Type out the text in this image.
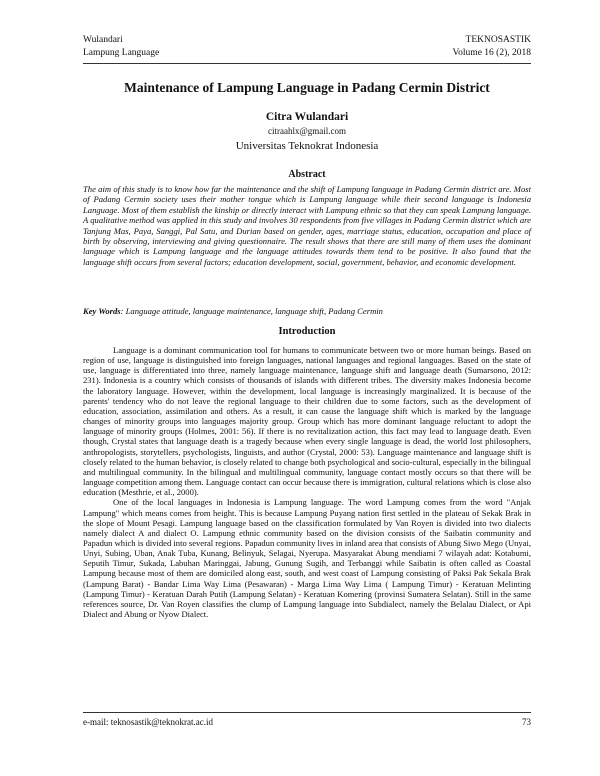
Wulandari
Lampung Language
TEKNOSASTIK
Volume 16 (2), 2018
Maintenance of Lampung Language in Padang Cermin District
Citra Wulandari
citraahlx@gmail.com
Universitas Teknokrat Indonesia
Abstract
The aim of this study is to know how far the maintenance and the shift of Lampung language in Padang Cermin district are. Most of Padang Cermin society uses their mother tongue which is Lampung language while their second language is Indonesia Language. Most of them establish the kinship or directly interact with Lampung ethnic so that they can speak Lampung language. A qualitative method was applied in this study and involves 30 respondents from five villages in Padang Cermin district which are Tanjung Mas, Paya, Sanggi, Pal Satu, and Durian based on gender, ages, marriage status, education, occupation and place of birth by observing, interviewing and giving questionnaire. The result shows that there are still many of them uses the dominant language which is Lampung language and the language attitudes towards them tend to be positive. It also found that the language shift occurs from several factors; education development, social, government, behavior, and economic development.
Key Words: Language attitude, language maintenance, language shift, Padang Cermin
Introduction

Language is a dominant communication tool for humans to communicate between two or more human beings. Based on region of use, language is distinguished into foreign languages, national languages and regional languages. Based on the state of use, language is differentiated into three, namely language maintenance, language shift and language death (Sumarsono, 2012: 231). Indonesia is a country which consists of thousands of islands with different tribes. The diversity makes Indonesia become the laboratory language. However, within the development, local language is increasingly marginalized. It is because of the parents' tendency who do not leave the regional language to their children due to some factors, such as the development of education, association, assimilation and others. As a result, it can cause the language shift which is marked by the language changes of minority groups into languages majority group. Group which has more dominant language reluctant to adopt the language of minority groups (Holmes, 2001: 56). If there is no revitalization action, this fact may lead to language death. Even though, Crystal states that language death is a tragedy because when every single language is dead, the world lost philosophers, anthropologists, storytellers, psychologists, linguists, and author (Crystal, 2000: 53). Language maintenance and language shift is closely related to the human behavior, is closely related to change both psychological and socio-cultural, especially in the bilingual and multilingual community. In the bilingual and multilingual community, language contact mostly occurs so that there will be language competition among them. Language contact can occur because there is immigration, cultural relations which is close also education (Mesthrie, et al., 2000).

One of the local languages in Indonesia is Lampung language. The word Lampung comes from the word "Anjak Lampung" which means comes from height. This is because Lampung Puyang nation first settled in the plateau of Sekak Brak in the slope of Mount Pesagi. Lampung language based on the classification formulated by Van Royen is divided into two dialects namely dialect A and dialect O. Lampung ethnic community based on the division consists of the Saibatin community and Papadun which is divided into several regions. Papadun community lives in inland area that consists of Abung Siwo Mego (Unyai, Unyi, Subing, Uban, Anak Tuba, Kunang, Belinyuk, Selagai, Nyerupa. Masyarakat Abung mendiami 7 wilayah adat: Kotabumi, Seputih Timur, Sukada, Labuhan Maringgai, Jabung, Gunung Sugih, and Terbanggi while Saibatin is often called as Coastal Lampung because most of them are domiciled along east, south, and west coast of Lampung consisting of Paksi Pak Sekala Brak (Lampung Barat) - Bandar Lima Way Lima (Pesawaran) - Marga Lima Way Lima ( Lampung Timur) - Keratuan Melinting (Lampung Timur) - Keratuan Darah Putih (Lampung Selatan) - Keratuan Komering (provinsi Sumatera Selatan). Still in the same references source, Dr. Van Royen classifies the clump of Lampung language into Subdialect, namely the Belalau Dialect, or Api Dialect and Abung or Nyow Dialect.

e-mail: teknosastik@teknokrat.ac.id	73
